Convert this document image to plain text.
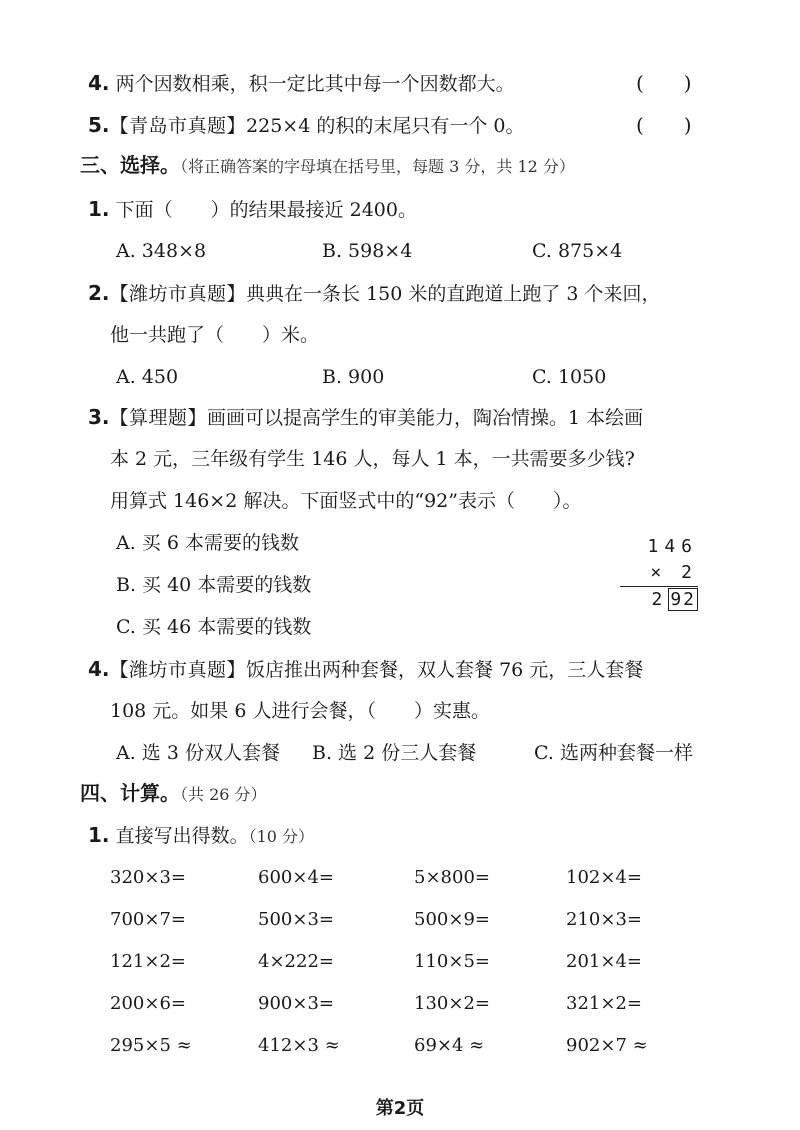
4. 两个因数相乘，积一定比其中每一个因数都大。	(　　)
5.【青岛市真题】225×4 的积的末尾只有一个 0。	(　　)
三、选择。（将正确答案的字母填在括号里，每题 3 分，共 12 分）
1. 下面（　　）的结果最接近 2400。
A. 348×8	B. 598×4	C. 875×4
2.【潍坊市真题】典典在一条长 150 米的直跑道上跑了 3 个来回，
他一共跑了（　　）米。
A. 450	B. 900	C. 1050
3.【算理题】画画可以提高学生的审美能力，陶冶情操。1 本绘画
本 2 元，三年级有学生 146 人，每人 1 本，一共需要多少钱?
用算式 146×2 解决。下面竖式中的“92”表示（　　）。
A. 买 6 本需要的钱数
B. 买 40 本需要的钱数
C. 买 46 本需要的钱数
146
× 2
2 92
4.【潍坊市真题】饭店推出两种套餐，双人套餐 76 元，三人套餐
108 元。如果 6 人进行会餐，（　　）实惠。
A. 选 3 份双人套餐 B. 选 2 份三人套餐	C. 选两种套餐一样
四、计算。（共 26 分）
1. 直接写出得数。（10 分）
320×3=	600×4=	5×800=	102×4=
700×7=	500×3=	500×9=	210×3=
121×2=	4×222=	110×5=	201×4=
200×6=	900×3=	130×2=	321×2=
295×5 ≈	412×3 ≈	69×4 ≈	902×7 ≈
第2页
